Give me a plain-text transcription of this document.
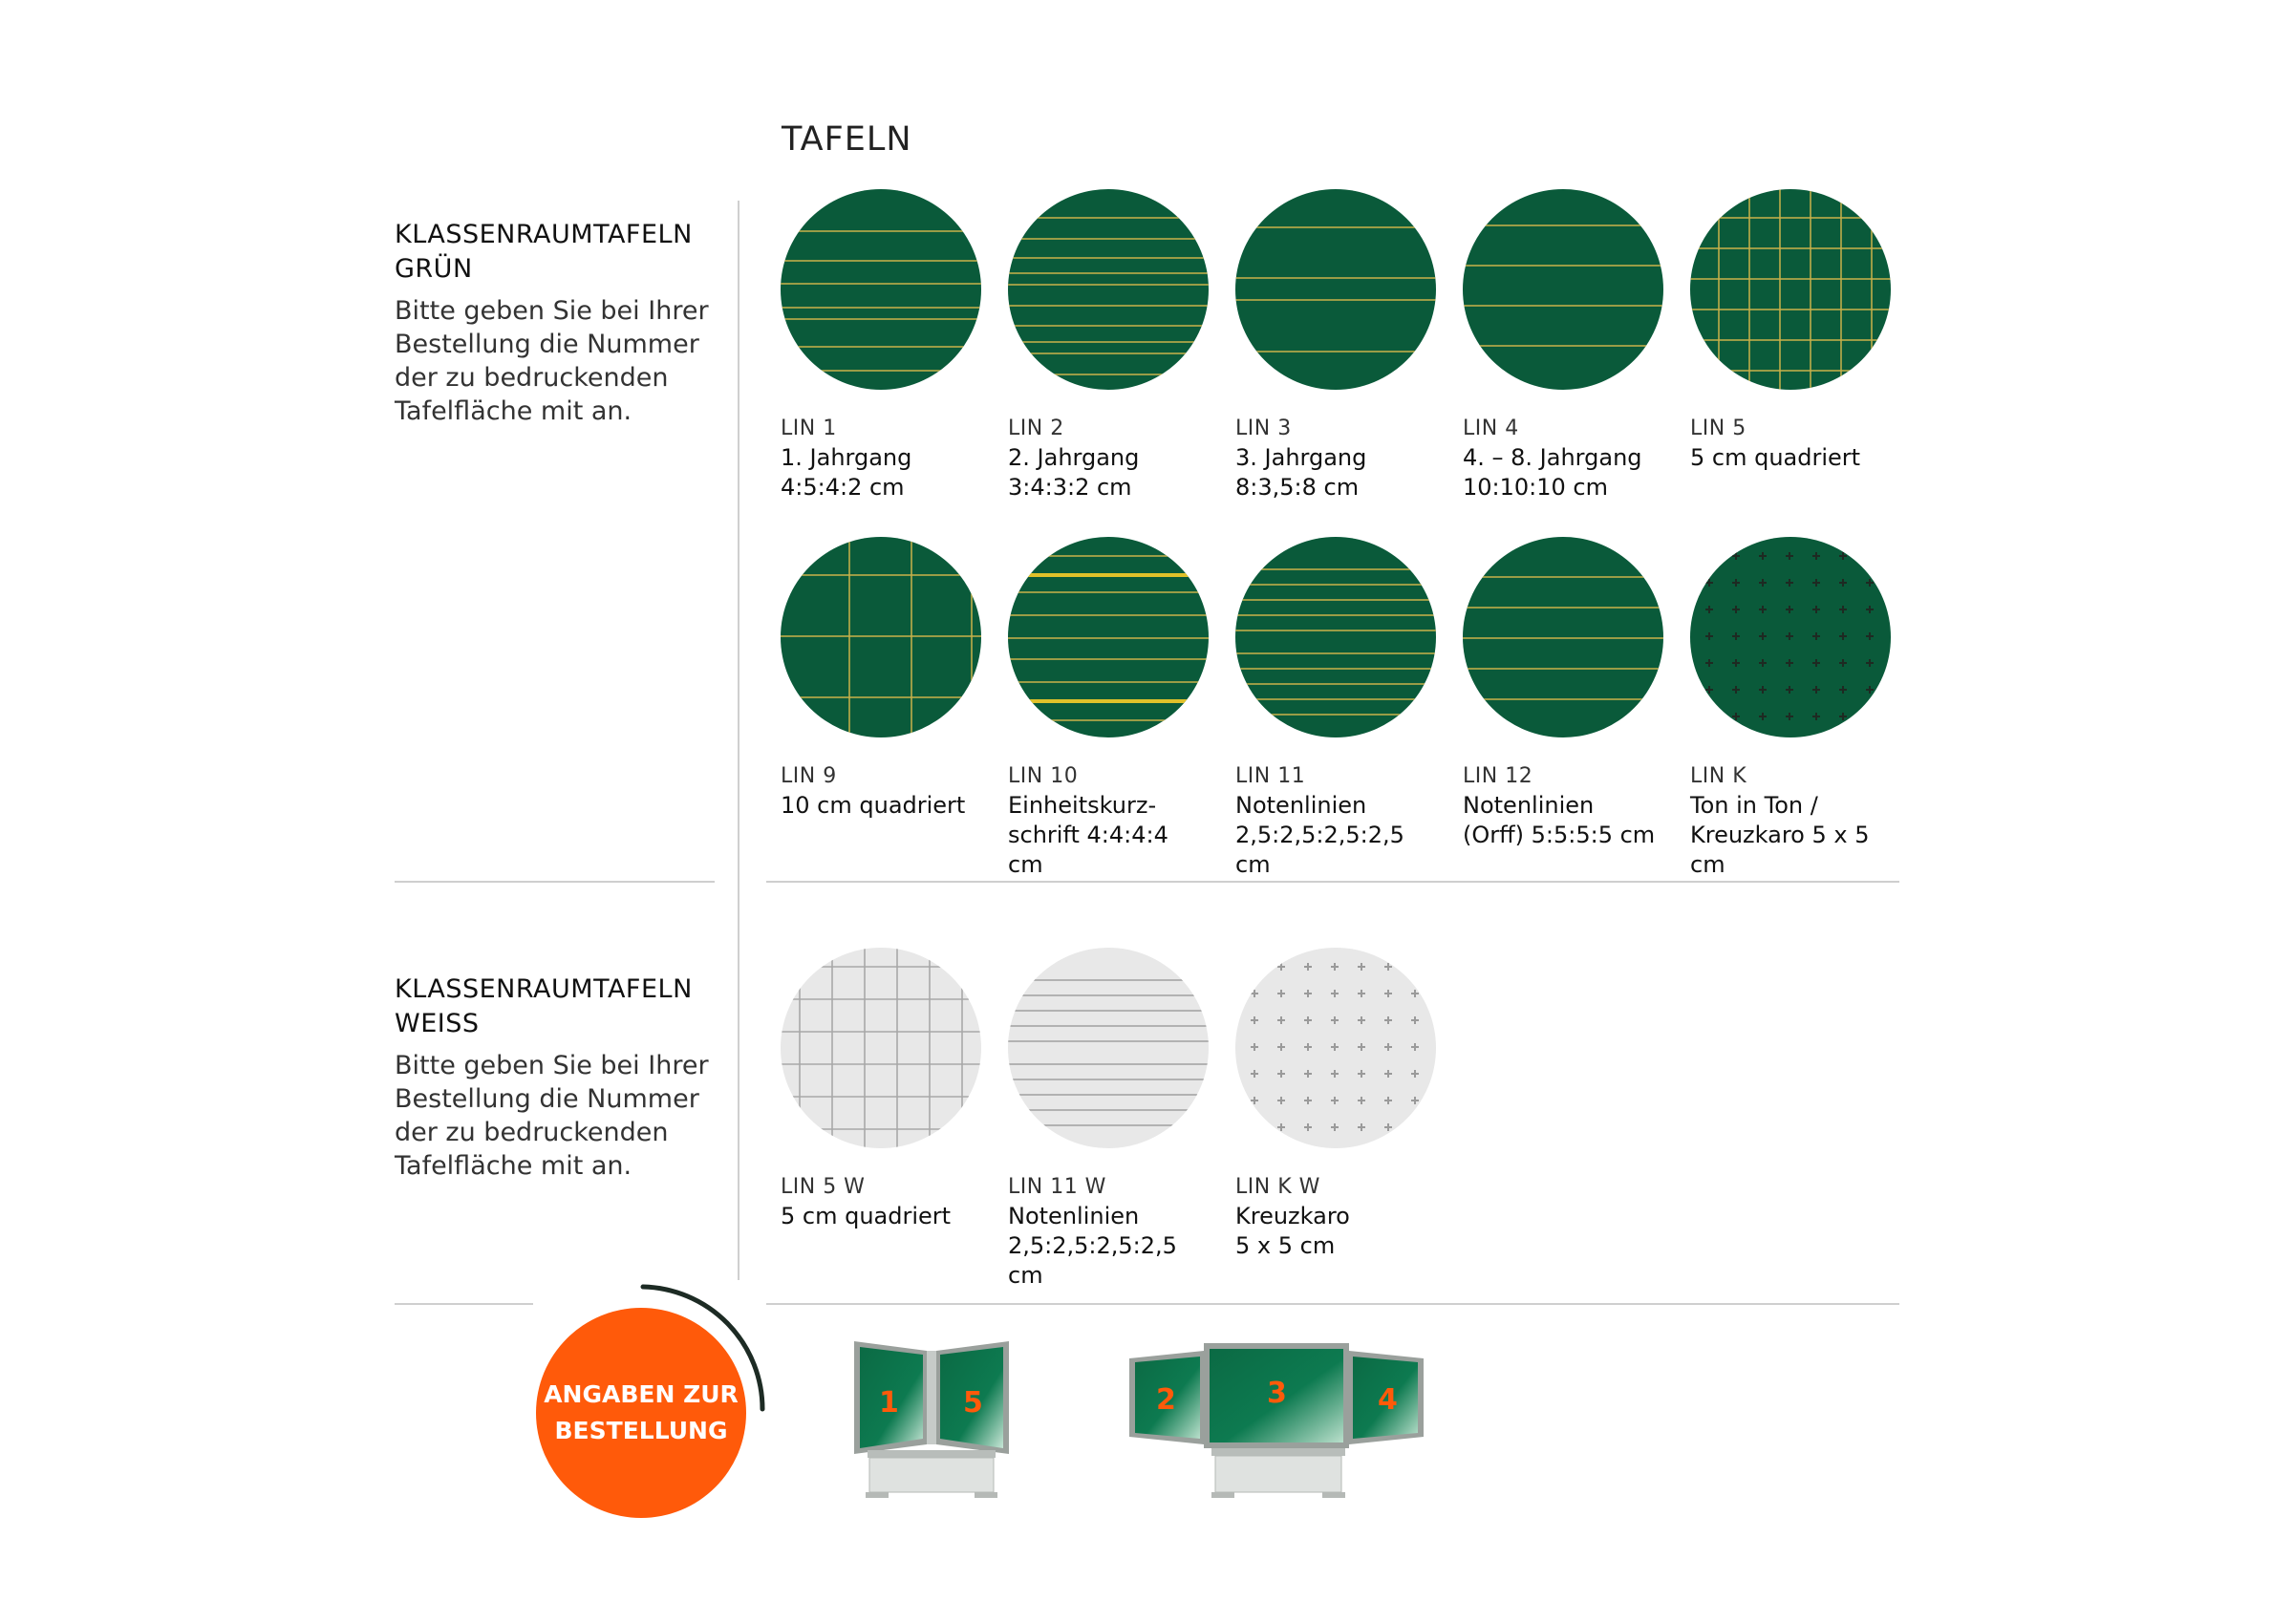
TAFELN
KLASSENRAUMTAFELN
GRÜN
Bitte geben Sie bei Ihrer
Bestellung die Nummer
der zu bedruckenden
Tafelfläche mit an.
KLASSENRAUMTAFELN
WEISS
Bitte geben Sie bei Ihrer
Bestellung die Nummer
der zu bedruckenden
Tafelfläche mit an.
LIN 1
1. Jahrgang
4:5:4:2 cm
LIN 2
2. Jahrgang
3:4:3:2 cm
LIN 3
3. Jahrgang
8:3,5:8 cm
LIN 4
4. – 8. Jahrgang
10:10:10 cm
LIN 5
5 cm quadriert
LIN 9
10 cm quadriert
LIN 10
Einheitskurz-
schrift 4:4:4:4 cm
LIN 11
Notenlinien
2,5:2,5:2,5:2,5 cm
LIN 12
Notenlinien
(Orff) 5:5:5:5 cm
LIN K
Ton in Ton /
Kreuzkaro 5 x 5 cm
LIN 5 W
5 cm quadriert
LIN 11 W
Notenlinien
2,5:2,5:2,5:2,5 cm
LIN K W
Kreuzkaro
5 x 5 cm
ANGABEN ZUR
BESTELLUNG
1 5	2	3	4
